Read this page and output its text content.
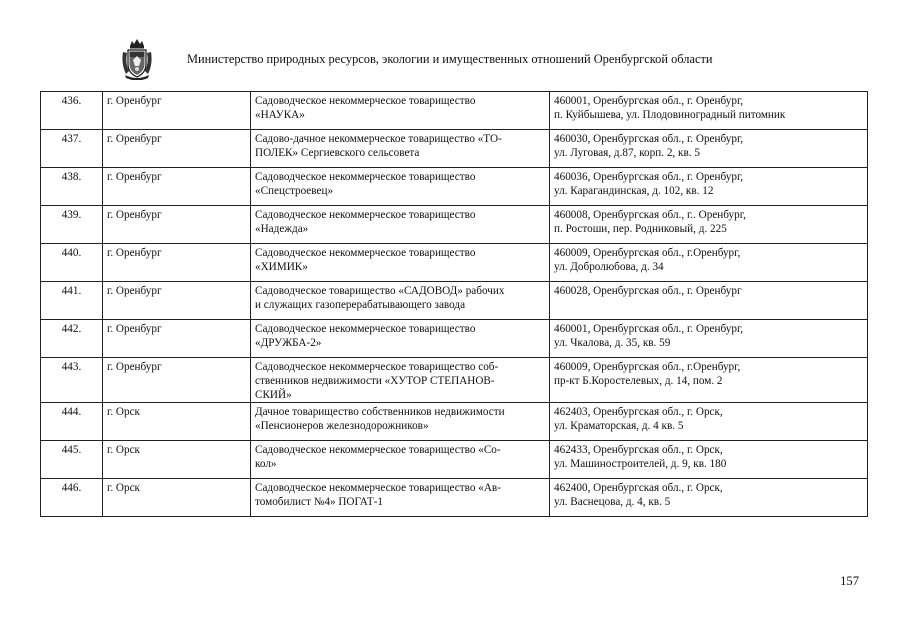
Министерство природных ресурсов, экологии и имущественных отношений Оренбургской области
436.	г. Оренбург	Садоводческое некоммерческое товарищество
«НАУКА»	460001, Оренбургская обл., г. Оренбург,
п. Куйбышева, ул. Плодовиноградный питомник
437.	г. Оренбург	Садово-дачное некоммерческое товарищество «ТО-
ПОЛЕК» Сергиевского сельсовета	460030, Оренбургская обл., г. Оренбург,
ул. Луговая, д.87, корп. 2, кв. 5
438.	г. Оренбург	Садоводческое некоммерческое товарищество
«Спецстроевец»	460036, Оренбургская обл., г. Оренбург,
ул. Карагандинская, д. 102, кв. 12
439.	г. Оренбург	Садоводческое некоммерческое товарищество
«Надежда»	460008, Оренбургская обл., г.. Оренбург,
п. Ростоши, пер. Родниковый, д. 225
440.	г. Оренбург	Садоводческое некоммерческое товарищество
«ХИМИК»	460009, Оренбургская обл., г.Оренбург,
ул. Добролюбова, д. 34
441.	г. Оренбург	Садоводческое товарищество «САДОВОД» рабочих
и служащих газоперерабатывающего завода	460028, Оренбургская обл., г. Оренбург
442.	г. Оренбург	Садоводческое некоммерческое товарищество
«ДРУЖБА-2»	460001, Оренбургская обл., г. Оренбург,
ул. Чкалова, д. 35, кв. 59
443.	г. Оренбург	Садоводческое некоммерческое товарищество соб-
ственников недвижимости «ХУТОР СТЕПАНОВ-
СКИЙ»	460009, Оренбургская обл., г.Оренбург,
пр-кт Б.Коростелевых, д. 14, пом. 2
444.	г. Орск	Дачное товарищество собственников недвижимости
«Пенсионеров железнодорожников»	462403, Оренбургская обл., г. Орск,
ул. Краматорская, д. 4 кв. 5
445.	г. Орск	Садоводческое некоммерческое товарищество «Со-
кол»	462433, Оренбургская обл., г. Орск,
ул. Машиностроителей, д. 9, кв. 180
446.	г. Орск	Садоводческое некоммерческое товарищество «Ав-
томобилист №4» ПОГАТ-1	462400, Оренбургская обл., г. Орск,
ул. Васнецова, д. 4, кв. 5
157
